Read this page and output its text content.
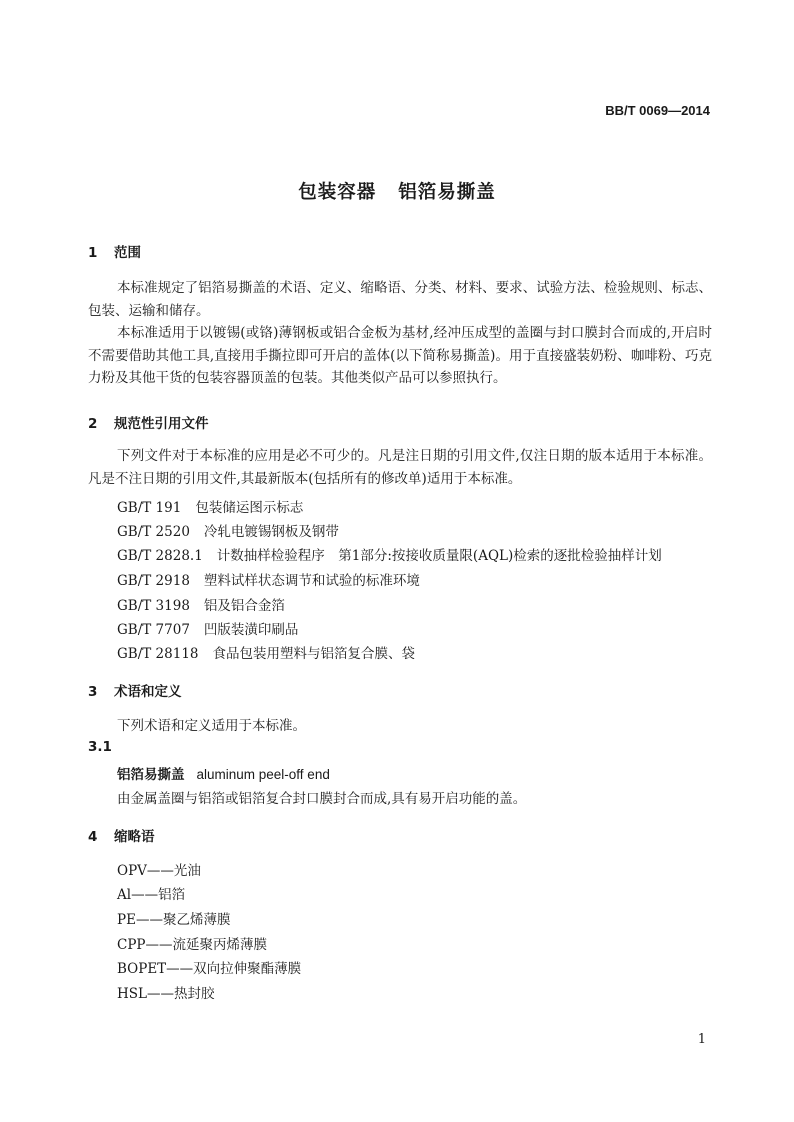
BB/T 0069—2014
包装容器 铝箔易撕盖
1 范围

本标准规定了铝箔易撕盖的术语、定义、缩略语、分类、材料、要求、试验方法、检验规则、标志、包装、运输和储存。

本标准适用于以镀锡(或铬)薄钢板或铝合金板为基材,经冲压成型的盖圈与封口膜封合而成的,开启时不需要借助其他工具,直接用手撕拉即可开启的盖体(以下简称易撕盖)。用于直接盛装奶粉、咖啡粉、巧克力粉及其他干货的包装容器顶盖的包装。其他类似产品可以参照执行。

2 规范性引用文件

下列文件对于本标准的应用是必不可少的。凡是注日期的引用文件,仅注日期的版本适用于本标准。凡是不注日期的引用文件,其最新版本(包括所有的修改单)适用于本标准。

GB/T 191 包装储运图示标志
GB/T 2520 冷轧电镀锡钢板及钢带
GB/T 2828.1 计数抽样检验程序　第1部分:按接收质量限(AQL)检索的逐批检验抽样计划
GB/T 2918 塑料试样状态调节和试验的标准环境
GB/T 3198 铝及铝合金箔
GB/T 7707 凹版装潢印刷品
GB/T 28118 食品包装用塑料与铝箔复合膜、袋
3 术语和定义
下列术语和定义适用于本标准。
3.1
铝箔易撕盖 aluminum peel-off end
由金属盖圈与铝箔或铝箔复合封口膜封合而成,具有易开启功能的盖。
4 缩略语
OPV——光油
Al——铝箔
PE——聚乙烯薄膜
CPP——流延聚丙烯薄膜
BOPET——双向拉伸聚酯薄膜
HSL——热封胶
1
